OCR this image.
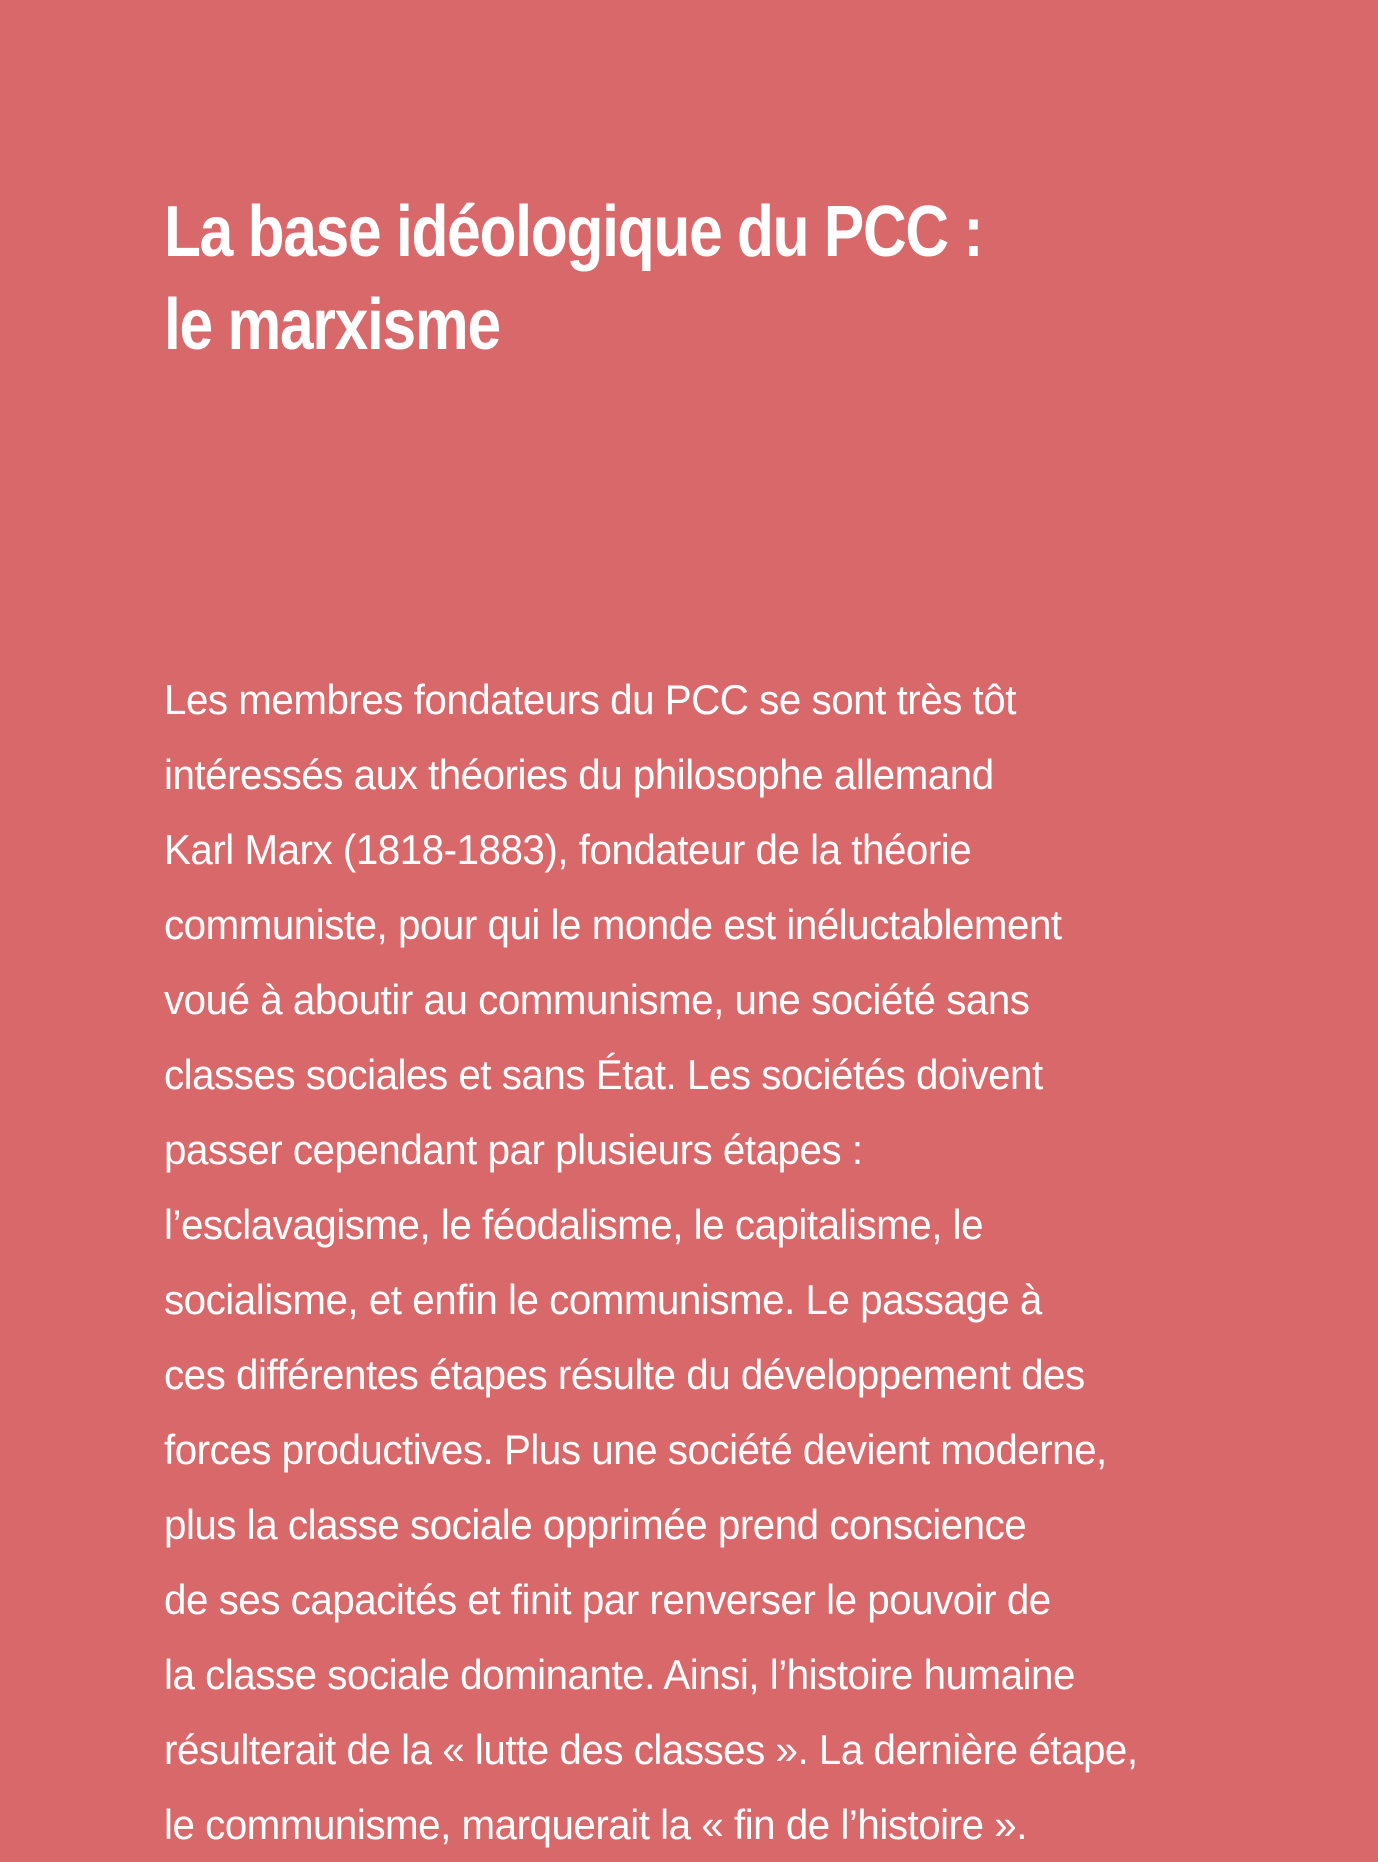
La base idéologique du PCC :
le marxisme
Les membres fondateurs du PCC se sont très tôt
intéressés aux théories du philosophe allemand
Karl Marx (1818-1883), fondateur de la théorie
communiste, pour qui le monde est inéluctablement
voué à aboutir au communisme, une société sans
classes sociales et sans État. Les sociétés doivent
passer cependant par plusieurs étapes :
l’esclavagisme, le féodalisme, le capitalisme, le
socialisme, et enfin le communisme. Le passage à
ces différentes étapes résulte du développement des
forces productives. Plus une société devient moderne,
plus la classe sociale opprimée prend conscience
de ses capacités et finit par renverser le pouvoir de
la classe sociale dominante. Ainsi, l’histoire humaine
résulterait de la « lutte des classes ». La dernière étape,
le communisme, marquerait la « fin de l’histoire ».
